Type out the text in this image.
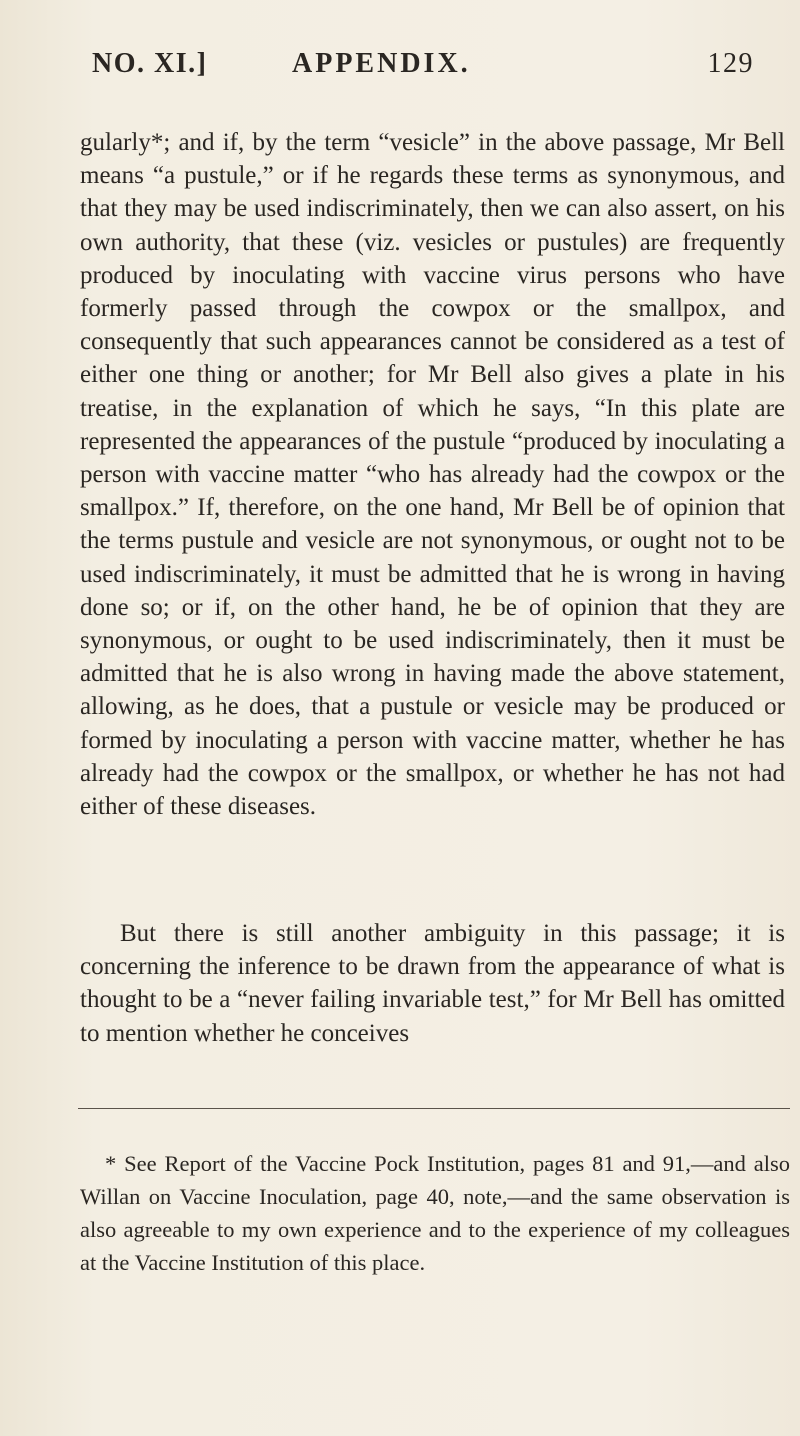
NO. XI.]	APPENDIX.	129
gularly*; and if, by the term “vesicle” in the above passage, Mr Bell means “a pustule,” or if he regards these terms as synonymous, and that they may be used indiscriminately, then we can also assert, on his own authority, that these (viz. vesicles or pustules) are frequently produced by inoculating with vaccine virus persons who have formerly passed through the cowpox or the smallpox, and consequently that such appearances cannot be considered as a test of either one thing or another; for Mr Bell also gives a plate in his treatise, in the explanation of which he says, “In this plate are represented the appearances of the pustule “produced by inoculating a person with vaccine matter “who has already had the cowpox or the smallpox.” If, therefore, on the one hand, Mr Bell be of opinion that the terms pustule and vesicle are not synonymous, or ought not to be used indiscriminately, it must be admitted that he is wrong in having done so; or if, on the other hand, he be of opinion that they are synonymous, or ought to be used indiscriminately, then it must be admitted that he is also wrong in having made the above statement, allowing, as he does, that a pustule or vesicle may be produced or formed by inoculating a person with vaccine matter, whether he has already had the cowpox or the smallpox, or whether he has not had either of these diseases.
But there is still another ambiguity in this passage; it is concerning the inference to be drawn from the appearance of what is thought to be a “never failing invariable test,” for Mr Bell has omitted to mention whether he conceives
* See Report of the Vaccine Pock Institution, pages 81 and 91,—and also Willan on Vaccine Inoculation, page 40, note,—and the same observation is also agreeable to my own experience and to the experience of my colleagues at the Vaccine Institution of this place.
